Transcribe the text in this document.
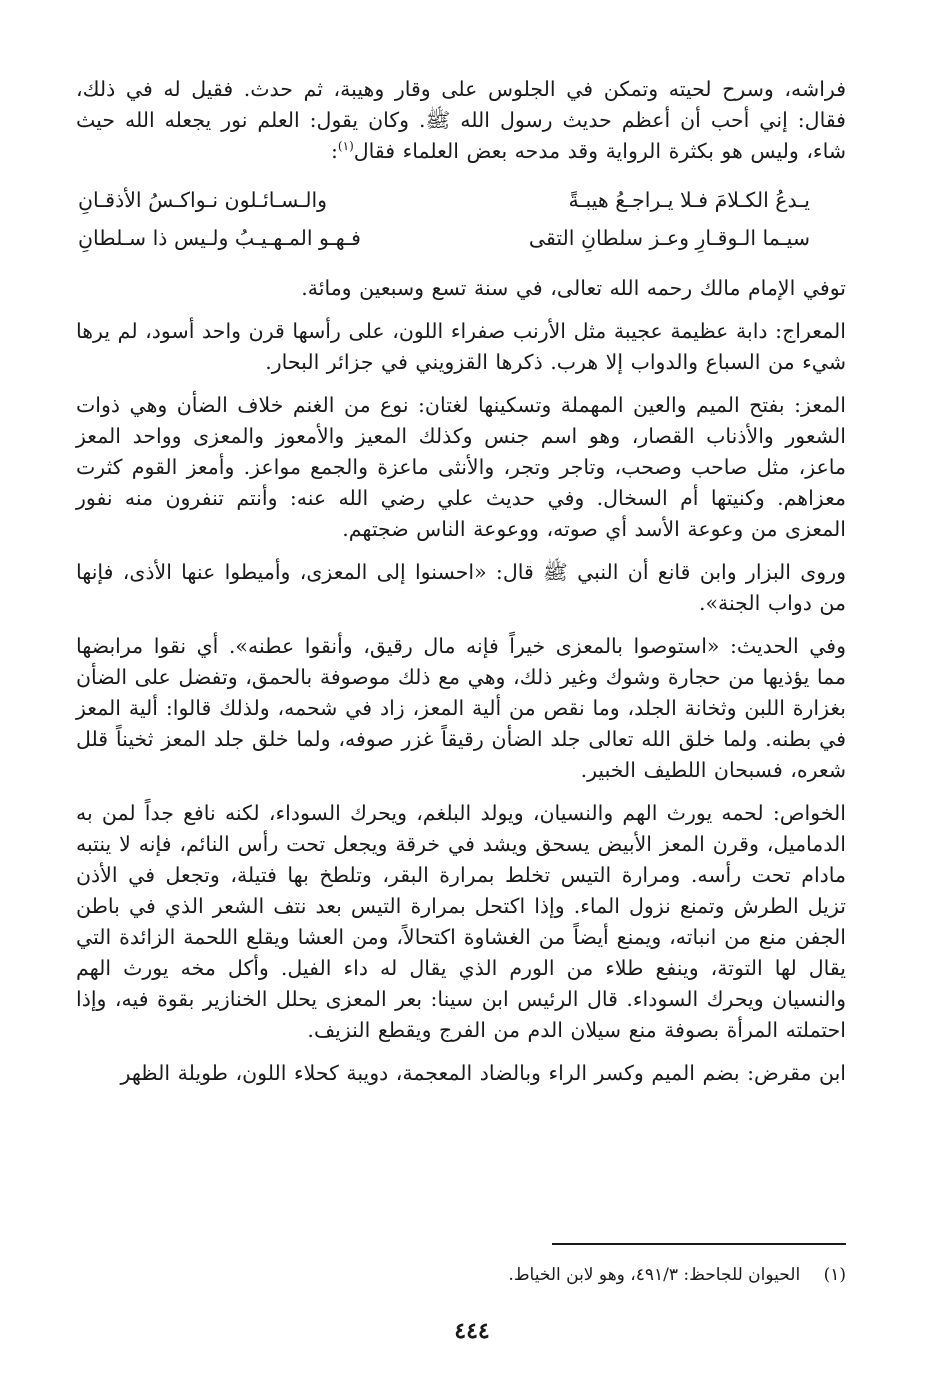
فراشه، وسرح لحيته وتمكن في الجلوس على وقار وهيبة، ثم حدث. فقيل له في ذلك، فقال: إني أحب أن أعظم حديث رسول الله ﷺ. وكان يقول: العلم نور يجعله الله حيث شاء، وليس هو بكثرة الرواية وقد مدحه بعض العلماء فقال$^{(١)}$:

يـدعُ الكـلامَ فـلا يـراجـعُ هيبـةً
والـسـائـلون نـواكـسُ الأذقـانِ
سيـما الـوقـارِ وعـز سلطانِ التقى
فـهـو المـهـيـبُ ولـيس ذا سـلطانِ

توفي الإمام مالك رحمه الله تعالى، في سنة تسع وسبعين ومائة.

المعراج: دابة عظيمة عجيبة مثل الأرنب صفراء اللون، على رأسها قرن واحد أسود، لم يرها شيء من السباع والدواب إلا هرب. ذكرها القزويني في جزائر البحار.

المعز: بفتح الميم والعين المهملة وتسكينها لغتان: نوع من الغنم خلاف الضأن وهي ذوات الشعور والأذناب القصار، وهو اسم جنس وكذلك المعيز والأمعوز والمعزى وواحد المعز ماعز، مثل صاحب وصحب، وتاجر وتجر، والأنثى ماعزة والجمع مواعز. وأمعز القوم كثرت معزاهم. وكنيتها أم السخال. وفي حديث علي رضي الله عنه: وأنتم تنفرون منه نفور المعزى من وعوعة الأسد أي صوته، ووعوعة الناس ضجتهم.

وروى البزار وابن قانع أن النبي ﷺ قال: «احسنوا إلى المعزى، وأميطوا عنها الأذى، فإنها من دواب الجنة».

وفي الحديث: «استوصوا بالمعزى خيراً فإنه مال رقيق، وأنقوا عطنه». أي نقوا مرابضها مما يؤذيها من حجارة وشوك وغير ذلك، وهي مع ذلك موصوفة بالحمق، وتفضل على الضأن بغزارة اللبن وثخانة الجلد، وما نقص من ألية المعز، زاد في شحمه، ولذلك قالوا: ألية المعز في بطنه. ولما خلق الله تعالى جلد الضأن رقيقاً غزر صوفه، ولما خلق جلد المعز ثخيناً قلل شعره، فسبحان اللطيف الخبير.

الخواص: لحمه يورث الهم والنسيان، ويولد البلغم، ويحرك السوداء، لكنه نافع جداً لمن به الدماميل، وقرن المعز الأبيض يسحق ويشد في خرقة ويجعل تحت رأس النائم، فإنه لا ينتبه مادام تحت رأسه. ومرارة التيس تخلط بمرارة البقر، وتلطخ بها فتيلة، وتجعل في الأذن تزيل الطرش وتمنع نزول الماء. وإذا اكتحل بمرارة التيس بعد نتف الشعر الذي في باطن الجفن منع من انباته، ويمنع أيضاً من الغشاوة اكتحالاً، ومن العشا ويقلع اللحمة الزائدة التي يقال لها التوتة، وينفع طلاء من الورم الذي يقال له داء الفيل. وأكل مخه يورث الهم والنسيان ويحرك السوداء. قال الرئيس ابن سينا: بعر المعزى يحلل الخنازير بقوة فيه، وإذا احتملته المرأة بصوفة منع سيلان الدم من الفرج ويقطع النزيف.

ابن مقرض: بضم الميم وكسر الراء وبالضاد المعجمة، دويبة كحلاء اللون، طويلة الظهر

(١) الحيوان للجاحظ: ٤٩١/٣، وهو لابن الخياط.
٤٤٤
